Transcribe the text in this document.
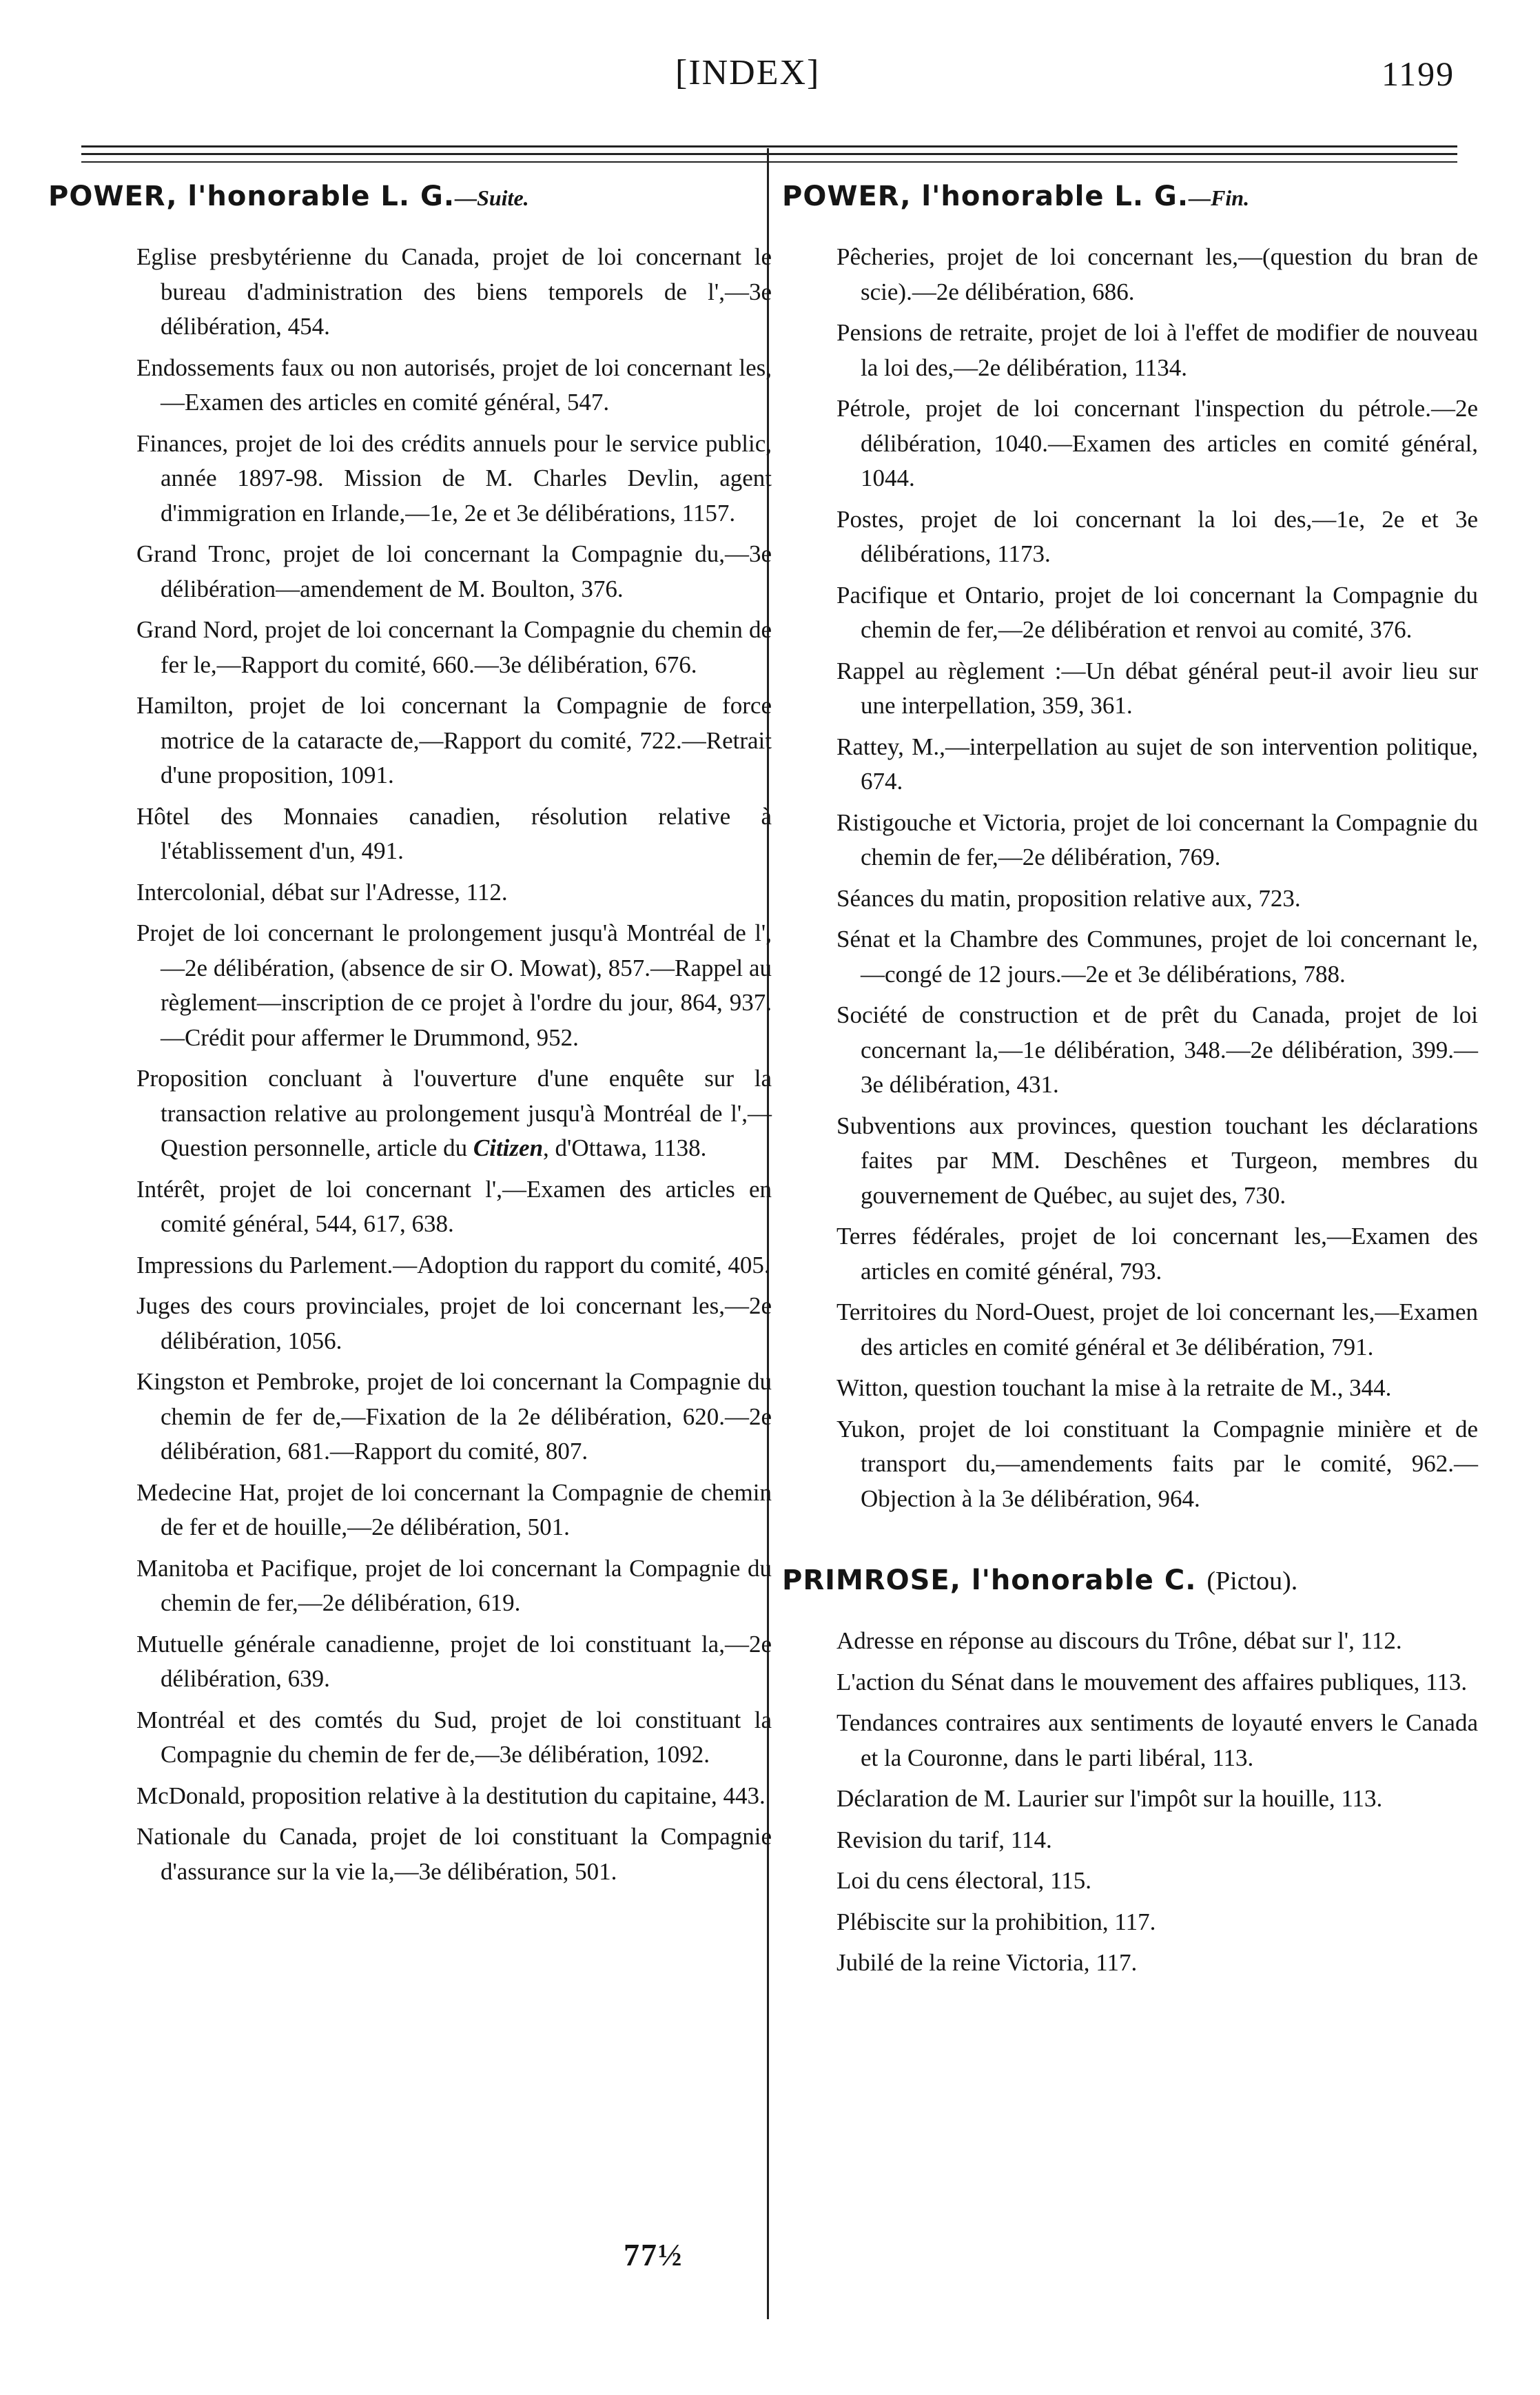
[INDEX]	1199
POWER, l'honorable L. G.—Suite.
Eglise presbytérienne du Canada, projet de loi concernant le bureau d'administration des biens temporels de l',—3e délibération, 454.
Endossements faux ou non autorisés, projet de loi concernant les,—Examen des articles en comité général, 547.
Finances, projet de loi des crédits annuels pour le service public, année 1897-98. Mission de M. Charles Devlin, agent d'immigration en Irlande,—1e, 2e et 3e délibérations, 1157.
Grand Tronc, projet de loi concernant la Compagnie du,—3e délibération—amendement de M. Boulton, 376.
Grand Nord, projet de loi concernant la Compagnie du chemin de fer le,—Rapport du comité, 660.—3e délibération, 676.
Hamilton, projet de loi concernant la Compagnie de force motrice de la cataracte de,—Rapport du comité, 722.—Retrait d'une proposition, 1091.
Hôtel des Monnaies canadien, résolution relative à l'établissement d'un, 491.
Intercolonial, débat sur l'Adresse, 112.
Projet de loi concernant le prolongement jusqu'à Montréal de l',—2e délibération, (absence de sir O. Mowat), 857.—Rappel au règlement—inscription de ce projet à l'ordre du jour, 864, 937.—Crédit pour affermer le Drummond, 952.
Proposition concluant à l'ouverture d'une enquête sur la transaction relative au prolongement jusqu'à Montréal de l',—Question personnelle, article du Citizen, d'Ottawa, 1138.
Intérêt, projet de loi concernant l',—Examen des articles en comité général, 544, 617, 638.
Impressions du Parlement.—Adoption du rapport du comité, 405.
Juges des cours provinciales, projet de loi concernant les,—2e délibération, 1056.
Kingston et Pembroke, projet de loi concernant la Compagnie du chemin de fer de,—Fixation de la 2e délibération, 620.—2e délibération, 681.—Rapport du comité, 807.
Medecine Hat, projet de loi concernant la Compagnie de chemin de fer et de houille,—2e délibération, 501.
Manitoba et Pacifique, projet de loi concernant la Compagnie du chemin de fer,—2e délibération, 619.
Mutuelle générale canadienne, projet de loi constituant la,—2e délibération, 639.
Montréal et des comtés du Sud, projet de loi constituant la Compagnie du chemin de fer de,—3e délibération, 1092.
McDonald, proposition relative à la destitution du capitaine, 443.
Nationale du Canada, projet de loi constituant la Compagnie d'assurance sur la vie la,—3e délibération, 501.
POWER, l'honorable L. G.—Fin.
Pêcheries, projet de loi concernant les,—(question du bran de scie).—2e délibération, 686.
Pensions de retraite, projet de loi à l'effet de modifier de nouveau la loi des,—2e délibération, 1134.
Pétrole, projet de loi concernant l'inspection du pétrole.—2e délibération, 1040.—Examen des articles en comité général, 1044.
Postes, projet de loi concernant la loi des,—1e, 2e et 3e délibérations, 1173.
Pacifique et Ontario, projet de loi concernant la Compagnie du chemin de fer,—2e délibération et renvoi au comité, 376.
Rappel au règlement :—Un débat général peut-il avoir lieu sur une interpellation, 359, 361.
Rattey, M.,—interpellation au sujet de son intervention politique, 674.
Ristigouche et Victoria, projet de loi concernant la Compagnie du chemin de fer,—2e délibération, 769.
Séances du matin, proposition relative aux, 723.
Sénat et la Chambre des Communes, projet de loi concernant le,—congé de 12 jours.—2e et 3e délibérations, 788.
Société de construction et de prêt du Canada, projet de loi concernant la,—1e délibération, 348.—2e délibération, 399.—3e délibération, 431.
Subventions aux provinces, question touchant les déclarations faites par MM. Deschênes et Turgeon, membres du gouvernement de Québec, au sujet des, 730.
Terres fédérales, projet de loi concernant les,—Examen des articles en comité général, 793.
Territoires du Nord-Ouest, projet de loi concernant les,—Examen des articles en comité général et 3e délibération, 791.
Witton, question touchant la mise à la retraite de M., 344.
Yukon, projet de loi constituant la Compagnie minière et de transport du,—amendements faits par le comité, 962.—Objection à la 3e délibération, 964.
PRIMROSE, l'honorable C. (Pictou).
Adresse en réponse au discours du Trône, débat sur l', 112.
L'action du Sénat dans le mouvement des affaires publiques, 113.
Tendances contraires aux sentiments de loyauté envers le Canada et la Couronne, dans le parti libéral, 113.
Déclaration de M. Laurier sur l'impôt sur la houille, 113.
Revision du tarif, 114.
Loi du cens électoral, 115.
Plébiscite sur la prohibition, 117.
Jubilé de la reine Victoria, 117.
77½
